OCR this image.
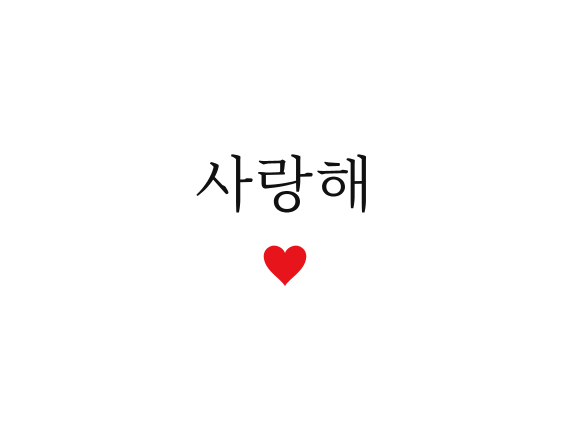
사랑해
